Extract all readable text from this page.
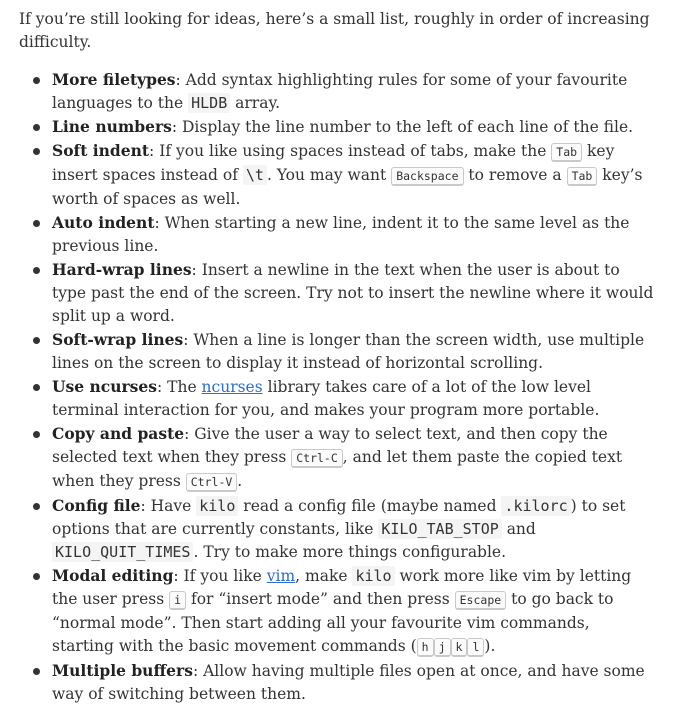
If you’re still looking for ideas, here’s a small list, roughly in order of increasing difficulty.

More filetypes: Add syntax highlighting rules for some of your favourite languages to the HLDB array.
Line numbers: Display the line number to the left of each line of the file.
Soft indent: If you like using spaces instead of tabs, make the Tab key insert spaces instead of \t . You may want Backspace to remove a Tab key’s worth of spaces as well.
Auto indent: When starting a new line, indent it to the same level as the previous line.
Hard-wrap lines: Insert a newline in the text when the user is about to type past the end of the screen. Try not to insert the newline where it would split up a word.
Soft-wrap lines: When a line is longer than the screen width, use multiple lines on the screen to display it instead of horizontal scrolling.
Use ncurses: The ncurses library takes care of a lot of the low level terminal interaction for you, and makes your program more portable.
Copy and paste: Give the user a way to select text, and then copy the selected text when they press Ctrl-C , and let them paste the copied text when they press Ctrl-V .
Config file: Have kilo read a config file (maybe named .kilorc ) to set options that are currently constants, like KILO_TAB_STOP and KILO_QUIT_TIMES . Try to make more things configurable.
Modal editing: If you like vim, make kilo work more like vim by letting the user press i for “insert mode” and then press Escape to go back to “normal mode”. Then start adding all your favourite vim commands, starting with the basic movement commands ( h j k l ).
Multiple buffers: Allow having multiple files open at once, and have some way of switching between them.
